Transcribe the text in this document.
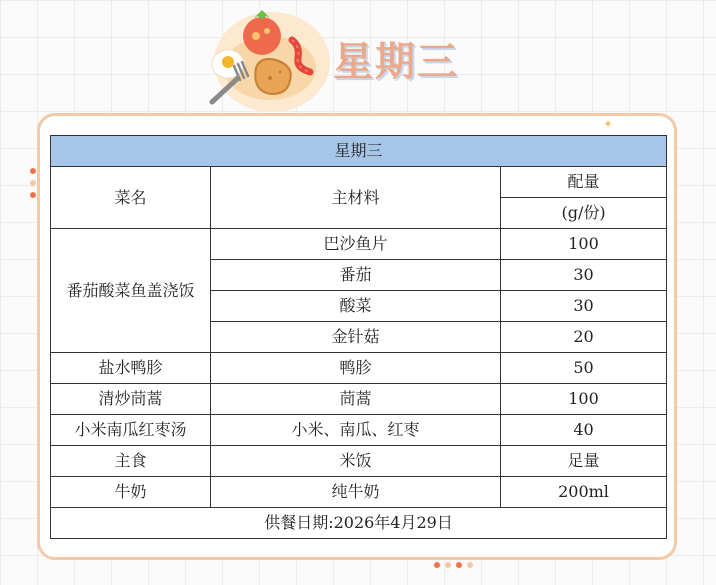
星期三
✦
星期三		
菜名	主材料	配量
		(g/份)
番茄酸菜鱼盖浇饭	巴沙鱼片	100
	番茄	30
	酸菜	30
	金针菇	20
盐水鸭胗	鸭胗	50
清炒茼蒿	茼蒿	100
小米南瓜红枣汤	小米、南瓜、红枣	40
主食	米饭	足量
牛奶	纯牛奶	200ml
供餐日期:2026年4月29日		
